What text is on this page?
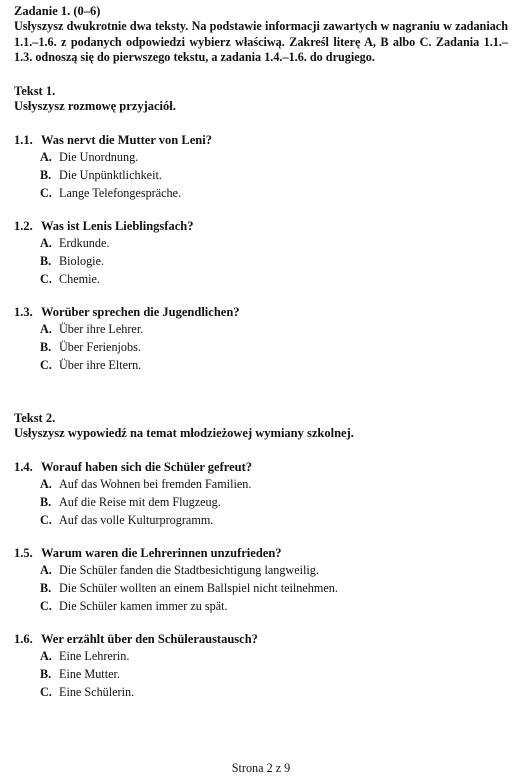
Zadanie 1. (0–6)
Usłyszysz dwukrotnie dwa teksty. Na podstawie informacji zawartych w nagraniu w zadaniach 1.1.–1.6. z podanych odpowiedzi wybierz właściwą. Zakreśl literę A, B albo C. Zadania 1.1.–1.3. odnoszą się do pierwszego tekstu, a zadania 1.4.–1.6. do drugiego.
Tekst 1.
Usłyszysz rozmowę przyjaciół.
1.1. Was nervt die Mutter von Leni?
A. Die Unordnung.
B. Die Unpünktlichkeit.
C. Lange Telefongespräche.
1.2. Was ist Lenis Lieblingsfach?
A. Erdkunde.
B. Biologie.
C. Chemie.
1.3. Worüber sprechen die Jugendlichen?
A. Über ihre Lehrer.
B. Über Ferienjobs.
C. Über ihre Eltern.
Tekst 2.
Usłyszysz wypowiedź na temat młodzieżowej wymiany szkolnej.
1.4. Worauf haben sich die Schüler gefreut?
A. Auf das Wohnen bei fremden Familien.
B. Auf die Reise mit dem Flugzeug.
C. Auf das volle Kulturprogramm.
1.5. Warum waren die Lehrerinnen unzufrieden?
A. Die Schüler fanden die Stadtbesichtigung langweilig.
B. Die Schüler wollten an einem Ballspiel nicht teilnehmen.
C. Die Schüler kamen immer zu spät.
1.6. Wer erzählt über den Schüleraustausch?
A. Eine Lehrerin.
B. Eine Mutter.
C. Eine Schülerin.
Strona 2 z 9
